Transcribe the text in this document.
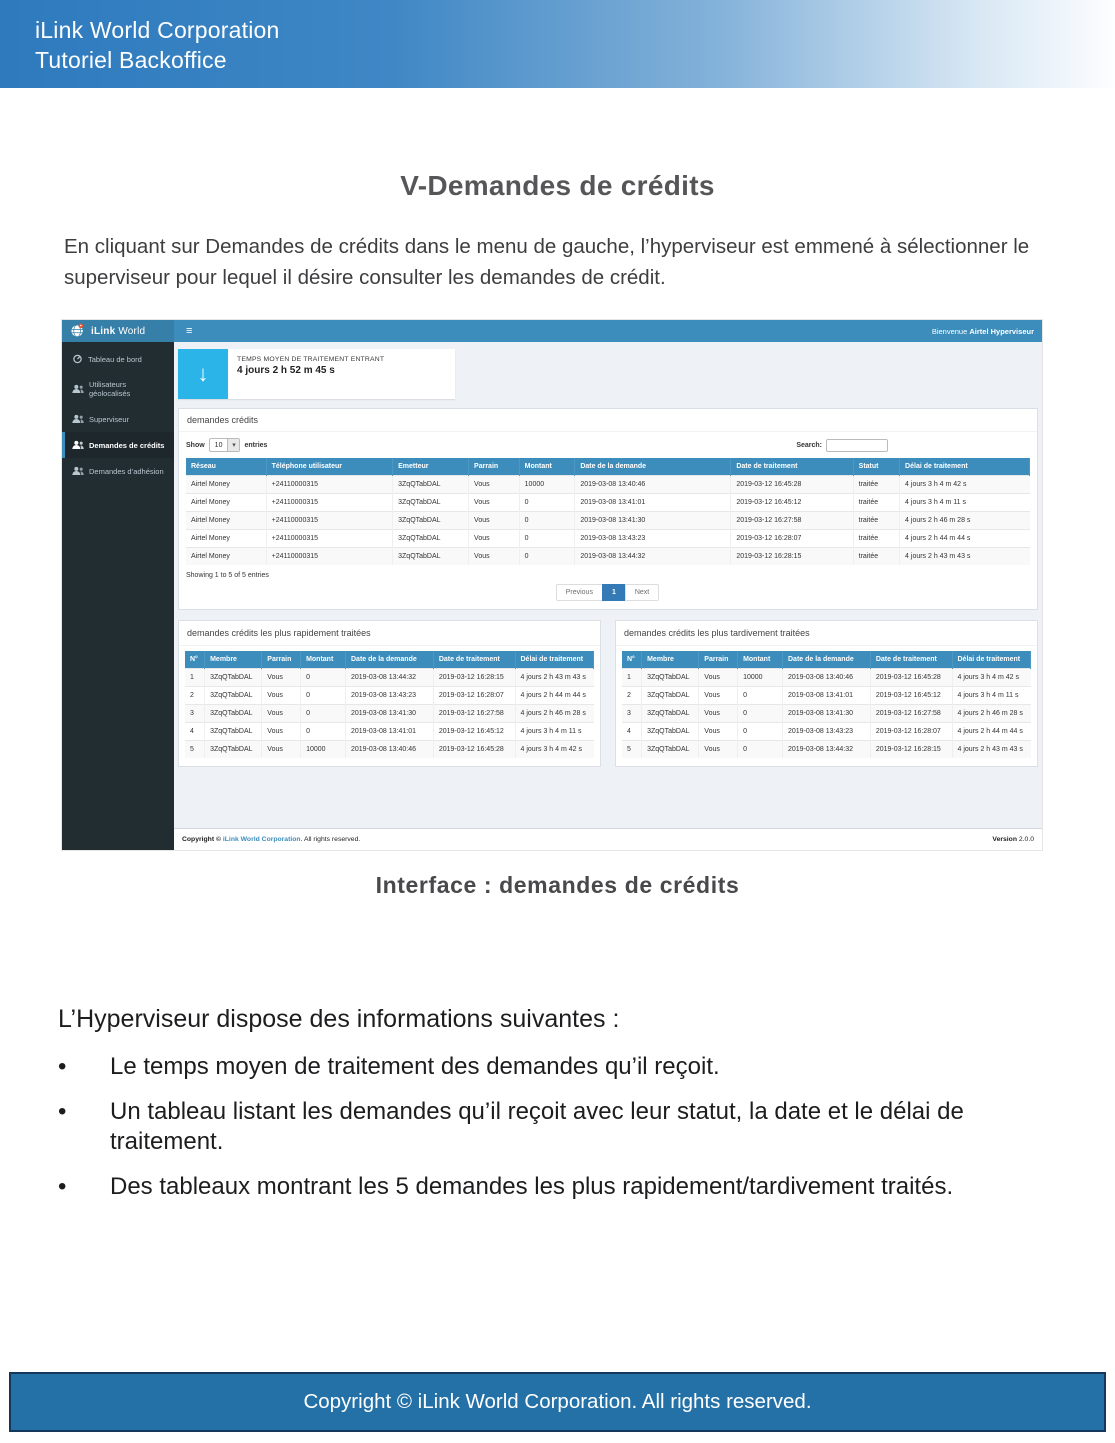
iLink World Corporation
Tutoriel Backoffice
V-Demandes de crédits

En cliquant sur Demandes de crédits dans le menu de gauche, l’hyperviseur est emmené à sélectionner le superviseur pour lequel il désire consulter les demandes de crédit.

iLink World	≡	Bienvenue Airtel Hyperviseur
Tableau de bord
Utilisateurs géolocalisés
Superviseur
Demandes de crédits
Demandes d’adhésion
↓
TEMPS MOYEN DE TRAITEMENT ENTRANT
4 jours 2 h 52 m 45 s
demandes crédits
Show	10	▾	entries	Search:
Réseau	Téléphone utilisateur	Emetteur	Parrain	Montant	Date de la demande	Date de traitement	Statut	Délai de traitement
Airtel Money	+24110000315	3ZqQTabDAL	Vous	10000	2019-03-08 13:40:46	2019-03-12 16:45:28	traitée	4 jours 3 h 4 m 42 s
Airtel Money	+24110000315	3ZqQTabDAL	Vous	0	2019-03-08 13:41:01	2019-03-12 16:45:12	traitée	4 jours 3 h 4 m 11 s
Airtel Money	+24110000315	3ZqQTabDAL	Vous	0	2019-03-08 13:41:30	2019-03-12 16:27:58	traitée	4 jours 2 h 46 m 28 s
Airtel Money	+24110000315	3ZqQTabDAL	Vous	0	2019-03-08 13:43:23	2019-03-12 16:28:07	traitée	4 jours 2 h 44 m 44 s
Airtel Money	+24110000315	3ZqQTabDAL	Vous	0	2019-03-08 13:44:32	2019-03-12 16:28:15	traitée	4 jours 2 h 43 m 43 s
Showing 1 to 5 of 5 entries
Previous	1	Next
demandes crédits les plus rapidement traitées
N°	Membre	Parrain	Montant	Date de la demande	Date de traitement	Délai de traitement
1	3ZqQTabDAL	Vous	0	2019-03-08 13:44:32	2019-03-12 16:28:15	4 jours 2 h 43 m 43 s
2	3ZqQTabDAL	Vous	0	2019-03-08 13:43:23	2019-03-12 16:28:07	4 jours 2 h 44 m 44 s
3	3ZqQTabDAL	Vous	0	2019-03-08 13:41:30	2019-03-12 16:27:58	4 jours 2 h 46 m 28 s
4	3ZqQTabDAL	Vous	0	2019-03-08 13:41:01	2019-03-12 16:45:12	4 jours 3 h 4 m 11 s
5	3ZqQTabDAL	Vous	10000	2019-03-08 13:40:46	2019-03-12 16:45:28	4 jours 3 h 4 m 42 s
demandes crédits les plus tardivement traitées
N°	Membre	Parrain	Montant	Date de la demande	Date de traitement	Délai de traitement
1	3ZqQTabDAL	Vous	10000	2019-03-08 13:40:46	2019-03-12 16:45:28	4 jours 3 h 4 m 42 s
2	3ZqQTabDAL	Vous	0	2019-03-08 13:41:01	2019-03-12 16:45:12	4 jours 3 h 4 m 11 s
3	3ZqQTabDAL	Vous	0	2019-03-08 13:41:30	2019-03-12 16:27:58	4 jours 2 h 46 m 28 s
4	3ZqQTabDAL	Vous	0	2019-03-08 13:43:23	2019-03-12 16:28:07	4 jours 2 h 44 m 44 s
5	3ZqQTabDAL	Vous	0	2019-03-08 13:44:32	2019-03-12 16:28:15	4 jours 2 h 43 m 43 s
Copyright © iLink World Corporation. All rights reserved.	Version 2.0.0
Interface : demandes de crédits
L’Hyperviseur dispose des informations suivantes :
•	Le temps moyen de traitement des demandes qu’il reçoit.
•	Un tableau listant les demandes qu’il reçoit avec leur statut, la date et le délai de traitement.
•	Des tableaux montrant les 5 demandes les plus rapidement/tardivement traités.
Copyright © iLink World Corporation. All rights reserved.
